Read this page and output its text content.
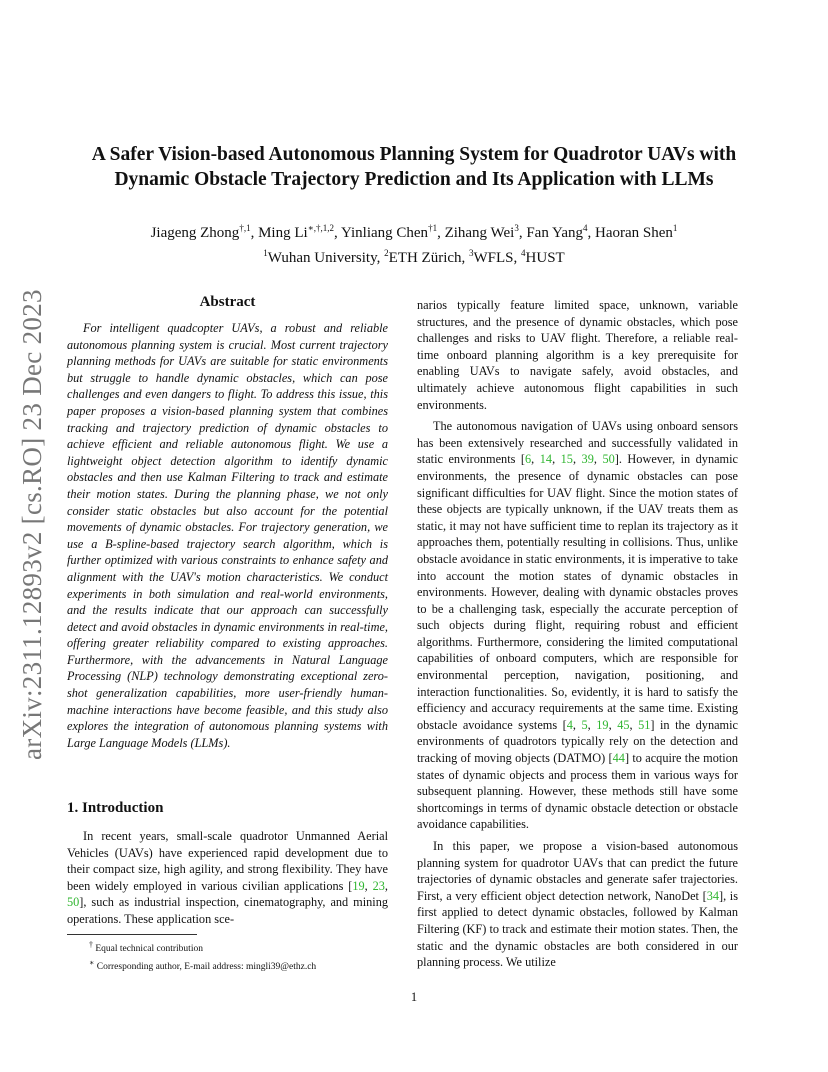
A Safer Vision-based Autonomous Planning System for Quadrotor UAVs with
Dynamic Obstacle Trajectory Prediction and Its Application with LLMs
Jiageng Zhong$^{\dagger,1}$, Ming $Li^{∗,\dagger,1,2}$, Yinliang Chen$^{\dagger 1}$, Zihang Wei$^3$, Fan Yang$^4$, Haoran Shen$^1$
$^1$Wuhan University, $^2$ETH Zürich, $^3$WFLS, $^4$HUST
arXiv:2311.12893v2 [cs.RO] 23 Dec 2023	Abstract
For intelligent quadcopter UAVs, a robust and reliable autonomous planning system is crucial. Most current trajectory planning methods for UAVs are suitable for static environments but struggle to handle dynamic obstacles, which can pose challenges and even dangers to flight. To address this issue, this paper proposes a vision-based planning system that combines tracking and trajectory prediction of dynamic obstacles to achieve efficient and reliable autonomous flight. We use a lightweight object detection algorithm to identify dynamic obstacles and then use Kalman Filtering to track and estimate their motion states. During the planning phase, we not only consider static obstacles but also account for the potential movements of dynamic obstacles. For trajectory generation, we use a B-spline-based trajectory search algorithm, which is further optimized with various constraints to enhance safety and alignment with the UAV's motion characteristics. We conduct experiments in both simulation and real-world environments, and the results indicate that our approach can successfully detect and avoid obstacles in dynamic environments in real-time, offering greater reliability compared to existing approaches. Furthermore, with the advancements in Natural Language Processing (NLP) technology demonstrating exceptional zero-shot generalization capabilities, more user-friendly human-machine interactions have become feasible, and this study also explores the integration of autonomous planning systems with Large Language Models (LLMs).
1. Introduction
In recent years, small-scale quadrotor Unmanned Aerial Vehicles (UAVs) have experienced rapid development due to their compact size, high agility, and strong flexibility. They have been widely employed in various civilian applications [19, 23, 50], such as industrial inspection, cinematography, and mining operations. These application sce-

narios typically feature limited space, unknown, variable structures, and the presence of dynamic obstacles, which pose challenges and risks to UAV flight. Therefore, a reliable real-time onboard planning algorithm is a key prerequisite for enabling UAVs to navigate safely, avoid obstacles, and ultimately achieve autonomous flight capabilities in such environments.

The autonomous navigation of UAVs using onboard sensors has been extensively researched and successfully validated in static environments [6, 14, 15, 39, 50]. However, in dynamic environments, the presence of dynamic obstacles can pose significant difficulties for UAV flight. Since the motion states of these objects are typically unknown, if the UAV treats them as static, it may not have sufficient time to replan its trajectory as it approaches them, potentially resulting in collisions. Thus, unlike obstacle avoidance in static environments, it is imperative to take into account the motion states of dynamic obstacles in environments. However, dealing with dynamic obstacles proves to be a challenging task, especially the accurate perception of such objects during flight, requiring robust and efficient algorithms. Furthermore, considering the limited computational capabilities of onboard computers, which are responsible for environmental perception, navigation, positioning, and interaction functionalities. So, evidently, it is hard to satisfy the efficiency and accuracy requirements at the same time. Existing obstacle avoidance systems [4, 5, 19, 45, 51] in the dynamic environments of quadrotors typically rely on the detection and tracking of moving objects (DATMO) [44] to acquire the motion states of dynamic objects and process them in various ways for subsequent planning. However, these methods still have some shortcomings in terms of dynamic obstacle detection or obstacle avoidance capabilities.

In this paper, we propose a vision-based autonomous planning system for quadrotor UAVs that can predict the future trajectories of dynamic obstacles and generate safer trajectories. First, a very efficient object detection network, NanoDet [34], is first applied to detect dynamic obstacles, followed by Kalman Filtering (KF) to track and estimate their motion states. Then, the static and the dynamic obstacles are both considered in our planning process. We utilize

† Equal technical contribution
∗ Corresponding author, E-mail address: mingli39@ethz.ch
1
